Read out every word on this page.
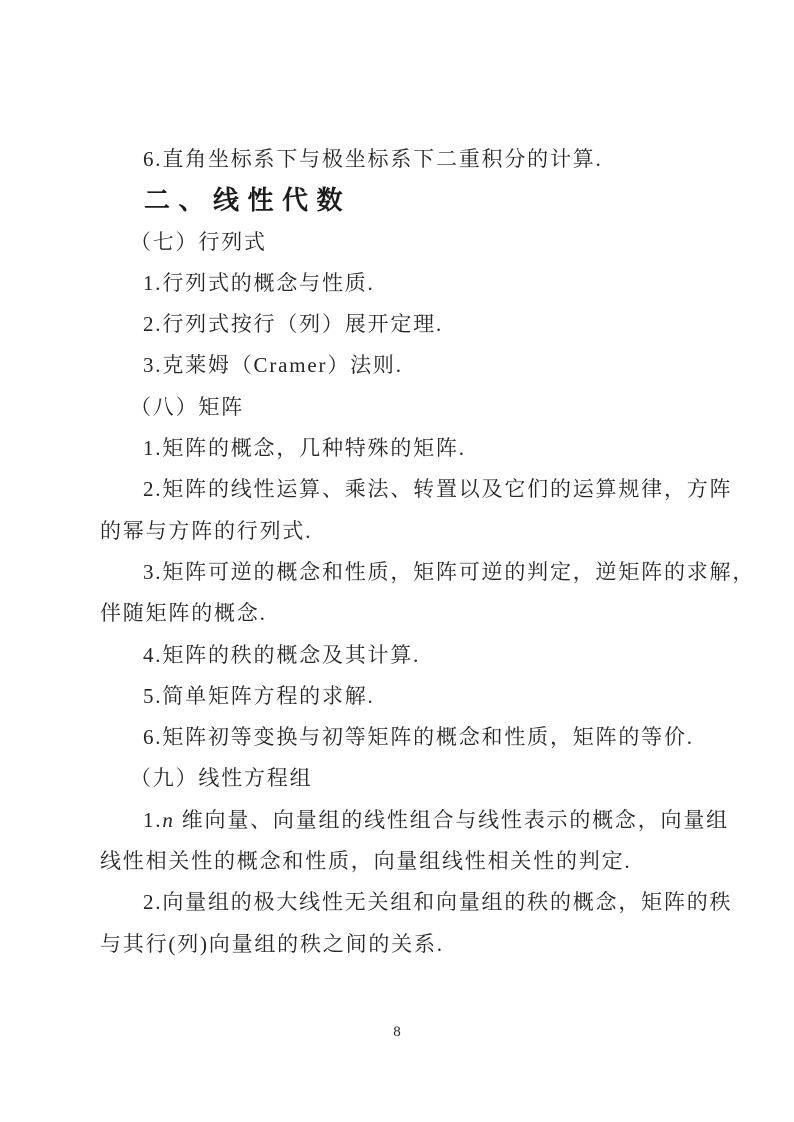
6.直角坐标系下与极坐标系下二重积分的计算.

二、线性代数

（七）行列式

1.行列式的概念与性质.

2.行列式按行（列）展开定理.

3.克莱姆（Cramer）法则.

（八）矩阵

1.矩阵的概念，几种特殊的矩阵.

2.矩阵的线性运算、乘法、转置以及它们的运算规律，方阵

的幂与方阵的行列式.

3.矩阵可逆的概念和性质，矩阵可逆的判定，逆矩阵的求解，

伴随矩阵的概念.

4.矩阵的秩的概念及其计算.

5.简单矩阵方程的求解.

6.矩阵初等变换与初等矩阵的概念和性质，矩阵的等价.

（九）线性方程组

1.n 维向量、向量组的线性组合与线性表示的概念，向量组

线性相关性的概念和性质，向量组线性相关性的判定.

2.向量组的极大线性无关组和向量组的秩的概念，矩阵的秩

与其行(列)向量组的秩之间的关系.

8
